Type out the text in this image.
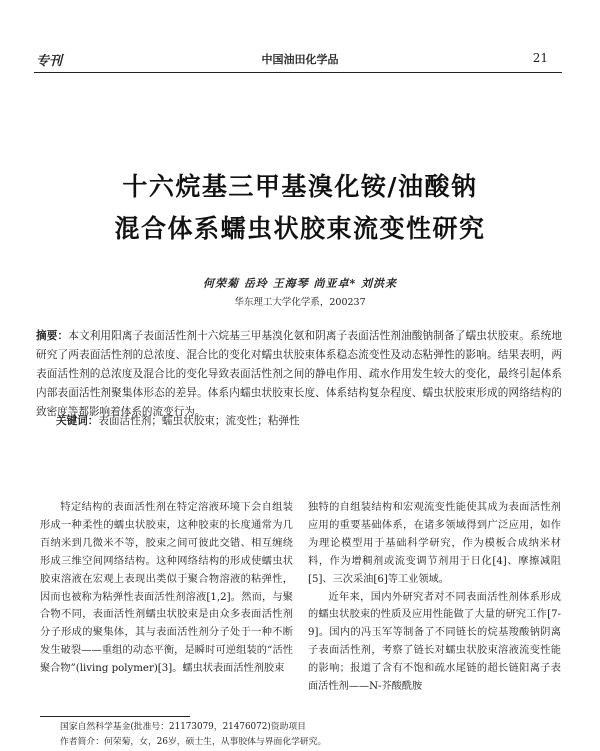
专刊	中国油田化学品	21
十六烷基三甲基溴化铵/油酸钠
混合体系蠕虫状胶束流变性研究
何荣菊 岳玲 王海琴 尚亚卓* 刘洪来
华东理工大学化学系，200237
摘要：本文利用阳离子表面活性剂十六烷基三甲基溴化氨和阴离子表面活性剂油酸钠制备了蠕虫状胶束。系统地研究了两表面活性剂的总浓度、混合比的变化对蠕虫状胶束体系稳态流变性及动态粘弹性的影响。结果表明，两表面活性剂的总浓度及混合比的变化导致表面活性剂之间的静电作用、疏水作用发生较大的变化，最终引起体系内部表面活性剂聚集体形态的差异。体系内蠕虫状胶束长度、体系结构复杂程度、蠕虫状胶束形成的网络结构的致密度等都影响着体系的流变行为。
关键词：表面活性剂；蠕虫状胶束；流变性；粘弹性
特定结构的表面活性剂在特定溶液环境下会自组装形成一种柔性的蠕虫状胶束，这种胶束的长度通常为几百纳米到几微米不等，胶束之间可彼此交错、相互缠绕形成三维空间网络结构。这种网络结构的形成使蠕虫状胶束溶液在宏观上表现出类似于聚合物溶液的粘弹性，因而也被称为粘弹性表面活性剂溶液[1,2]。然而，与聚合物不同，表面活性剂蠕虫状胶束是由众多表面活性剂分子形成的聚集体，其与表面活性剂分子处于一种不断发生破裂——重组的动态平衡，是瞬时可逆组装的“活性聚合物”(living polymer)[3]。蠕虫状表面活性剂胶束
独特的自组装结构和宏观流变性能使其成为表面活性剂应用的重要基础体系，在诸多领域得到广泛应用，如作为理论模型用于基础科学研究，作为模板合成纳米材料，作为增稠剂或流变调节剂用于日化[4]、摩擦减阻[5]、三次采油[6]等工业领域。
近年来，国内外研究者对不同表面活性剂体系形成的蠕虫状胶束的性质及应用性能做了大量的研究工作[7-9]。国内的冯玉军等制备了不同链长的烷基羧酸钠阴离子表面活性剂，考察了链长对蠕虫状胶束溶液流变性能的影响；报道了含有不饱和疏水尾链的超长链阳离子表面活性剂——N-芥酸酰胺
国家自然科学基金(批准号：21173079，21476072)资助项目
作者简介：何荣菊，女，26岁，硕士生，从事胶体与界面化学研究。
